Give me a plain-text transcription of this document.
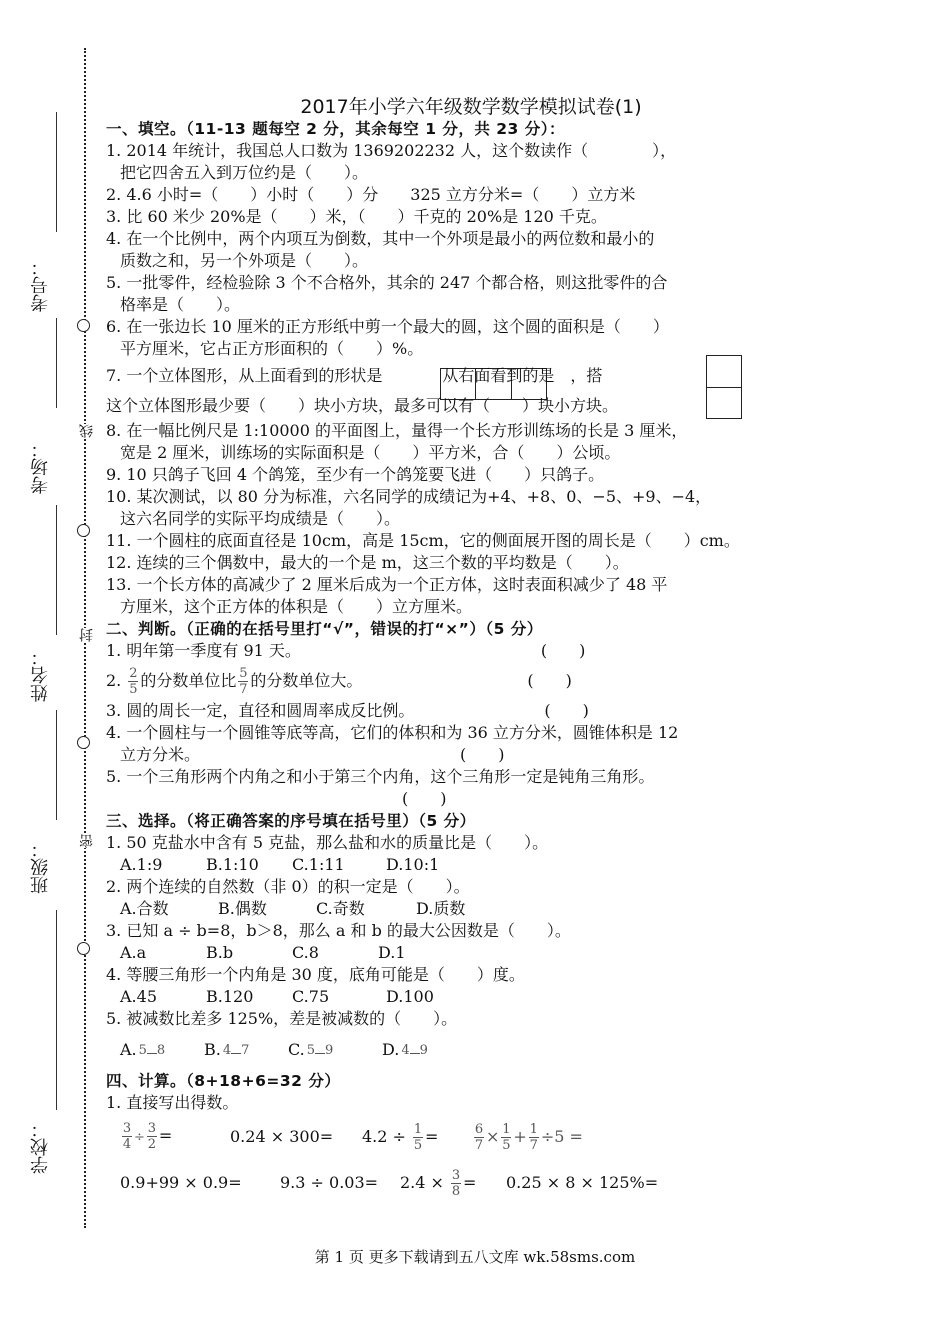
考号：
考场：
姓名：
班级：
学校：
线
封
密
2017年小学六年级数学数学模拟试卷(1)
一、填空。（11-13 题每空 2 分，其余每空 1 分，共 23 分）：
1. 2014 年统计，我国总人口数为 1369202232 人，这个数读作（　　　　），
把它四舍五入到万位约是（　　）。
2. 4.6 小时=（　　）小时（　　）分　　325 立方分米=（　　）立方米
3. 比 60 米少 20%是（　　）米，（　　）千克的 20%是 120 千克。
4. 在一个比例中，两个内项互为倒数，其中一个外项是最小的两位数和最小的
质数之和，另一个外项是（　　）。
5. 一批零件，经检验除 3 个不合格外，其余的 247 个都合格，则这批零件的合
格率是（　　）。
6. 在一张边长 10 厘米的正方形纸中剪一个最大的圆，这个圆的面积是（　　）
平方厘米，它占正方形面积的（　　）%。
7. 一个立体图形，从上面看到的形状是	从右面看到的是　，搭
这个立体图形最少要（　　）块小方块，最多可以有（　　）块小方块。
8. 在一幅比例尺是 1:10000 的平面图上，量得一个长方形训练场的长是 3 厘米，
宽是 2 厘米，训练场的实际面积是（　　）平方米，合（　　）公顷。
9. 10 只鸽子飞回 4 个鸽笼，至少有一个鸽笼要飞进（　　）只鸽子。
10. 某次测试，以 80 分为标准，六名同学的成绩记为+4、+8、0、−5、+9、−4，
这六名同学的实际平均成绩是（　　）。
11. 一个圆柱的底面直径是 10cm，高是 15cm，它的侧面展开图的周长是（　　）cm。
12. 连续的三个偶数中，最大的一个是 m，这三个数的平均数是（　　）。
13. 一个长方体的高减少了 2 厘米后成为一个正方体，这时表面积减少了 48 平
方厘米，这个正方体的体积是（　　）立方厘米。
二、判断。（正确的在括号里打“√”，错误的打“×”）（5 分）
1. 明年第一季度有 91 天。	(　　)
2. $\frac{2}{5}$ 的分数单位比 $\frac{5}{7}$ 的分数单位大。	(　　)
3. 圆的周长一定，直径和圆周率成反比例。	(　　)
4. 一个圆柱与一个圆锥等底等高，它们的体积和为 36 立方分米，圆锥体积是 12
立方分米。	(　　)
5. 一个三角形两个内角之和小于第三个内角，这个三角形一定是钝角三角形。
(　　)
三、选择。（将正确答案的序号填在括号里）（5 分）
1. 50 克盐水中含有 5 克盐，那么盐和水的质量比是（　　）。
A.1:9	B.1:10 C.1:11	D.10:1
2. 两个连续的自然数（非 0）的积一定是（　　）。
A.合数	B.偶数	C.奇数	D.质数
3. 已知 a ÷ b=8，b＞8，那么 a 和 b 的最大公因数是（　　）。
A.a	B.b	C.8	D.1
4. 等腰三角形一个内角是 30 度，底角可能是（　　）度。
A.45	B.120 C.75	D.100
5. 被减数比差多 125%，差是被减数的（　　）。
A. 5 8 B. 4 7 C. 5 9	D. 4 9
四、计算。（8+18+6=32 分）
1. 直接写出得数。
$\frac{3}{4} \div \frac{3}{2}$ =	$0.24 \times 300= 4.2 \div \frac{1}{5}$ =	$\frac{6}{7} \times \frac{1}{5} + \frac{1}{7} \div 5$ =
$0.9+99 \times 0.9= 9.3 \div 0.03= 2.4 \times \frac{3}{8} = 0.25 \times 8 \times 125\%=$
第 1 页 更多下载请到五八文库 wk.58sms.com
